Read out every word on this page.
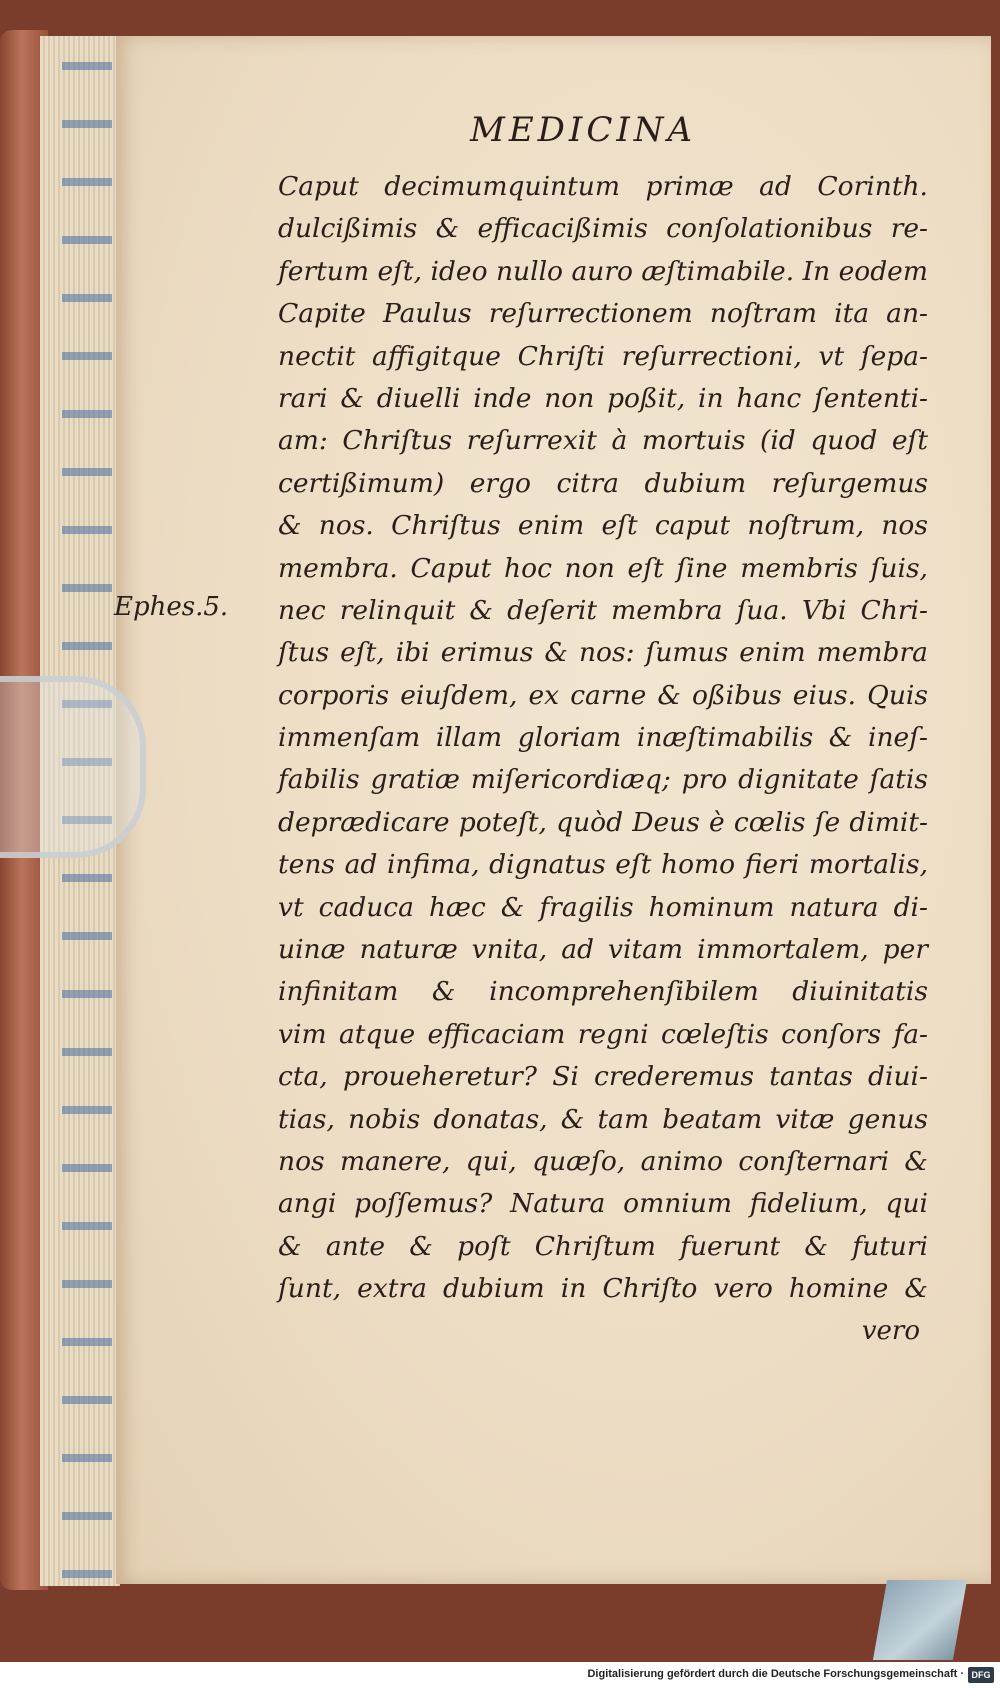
MEDICINA
Ephes.5.
Caput decimumquintum primæ ad Corinth.
dulcißimis & efficacißimis conſolationibus re-
fertum eſt, ideo nullo auro æſtimabile. In eodem
Capite Paulus reſurrectionem noſtram ita an-
nectit affigitque Chriſti reſurrectioni, vt ſepa-
rari & diuelli inde non poßit, in hanc ſententi-
am: Chriſtus reſurrexit à mortuis (id quod eſt
certißimum) ergo citra dubium reſurgemus
& nos. Chriſtus enim eſt caput noſtrum, nos
membra. Caput hoc non eſt ſine membris ſuis,
nec relinquit & deſerit membra ſua. Vbi Chri-
ſtus eſt, ibi erimus & nos: ſumus enim membra
corporis eiuſdem, ex carne & oßibus eius. Quis
immenſam illam gloriam inæſtimabilis & ineſ-
fabilis gratiæ miſericordiæq; pro dignitate ſatis
deprædicare poteſt, quòd Deus è cœlis ſe dimit-
tens ad infima, dignatus eſt homo fieri mortalis,
vt caduca hæc & fragilis hominum natura di-
uinæ naturæ vnita, ad vitam immortalem, per
infinitam & incomprehenſibilem diuinitatis
vim atque efficaciam regni cœleſtis conſors fa-
cta, proueheretur? Si crederemus tantas diui-
tias, nobis donatas, & tam beatam vitæ genus
nos manere, qui, quæſo, animo conſternari &
angi poſſemus? Natura omnium fidelium, qui
& ante & poſt Chriſtum fuerunt & futuri
ſunt, extra dubium in Chriſto vero homine &
vero
Digitalisierung gefördert durch die Deutsche Forschungsgemeinschaft · DFG
